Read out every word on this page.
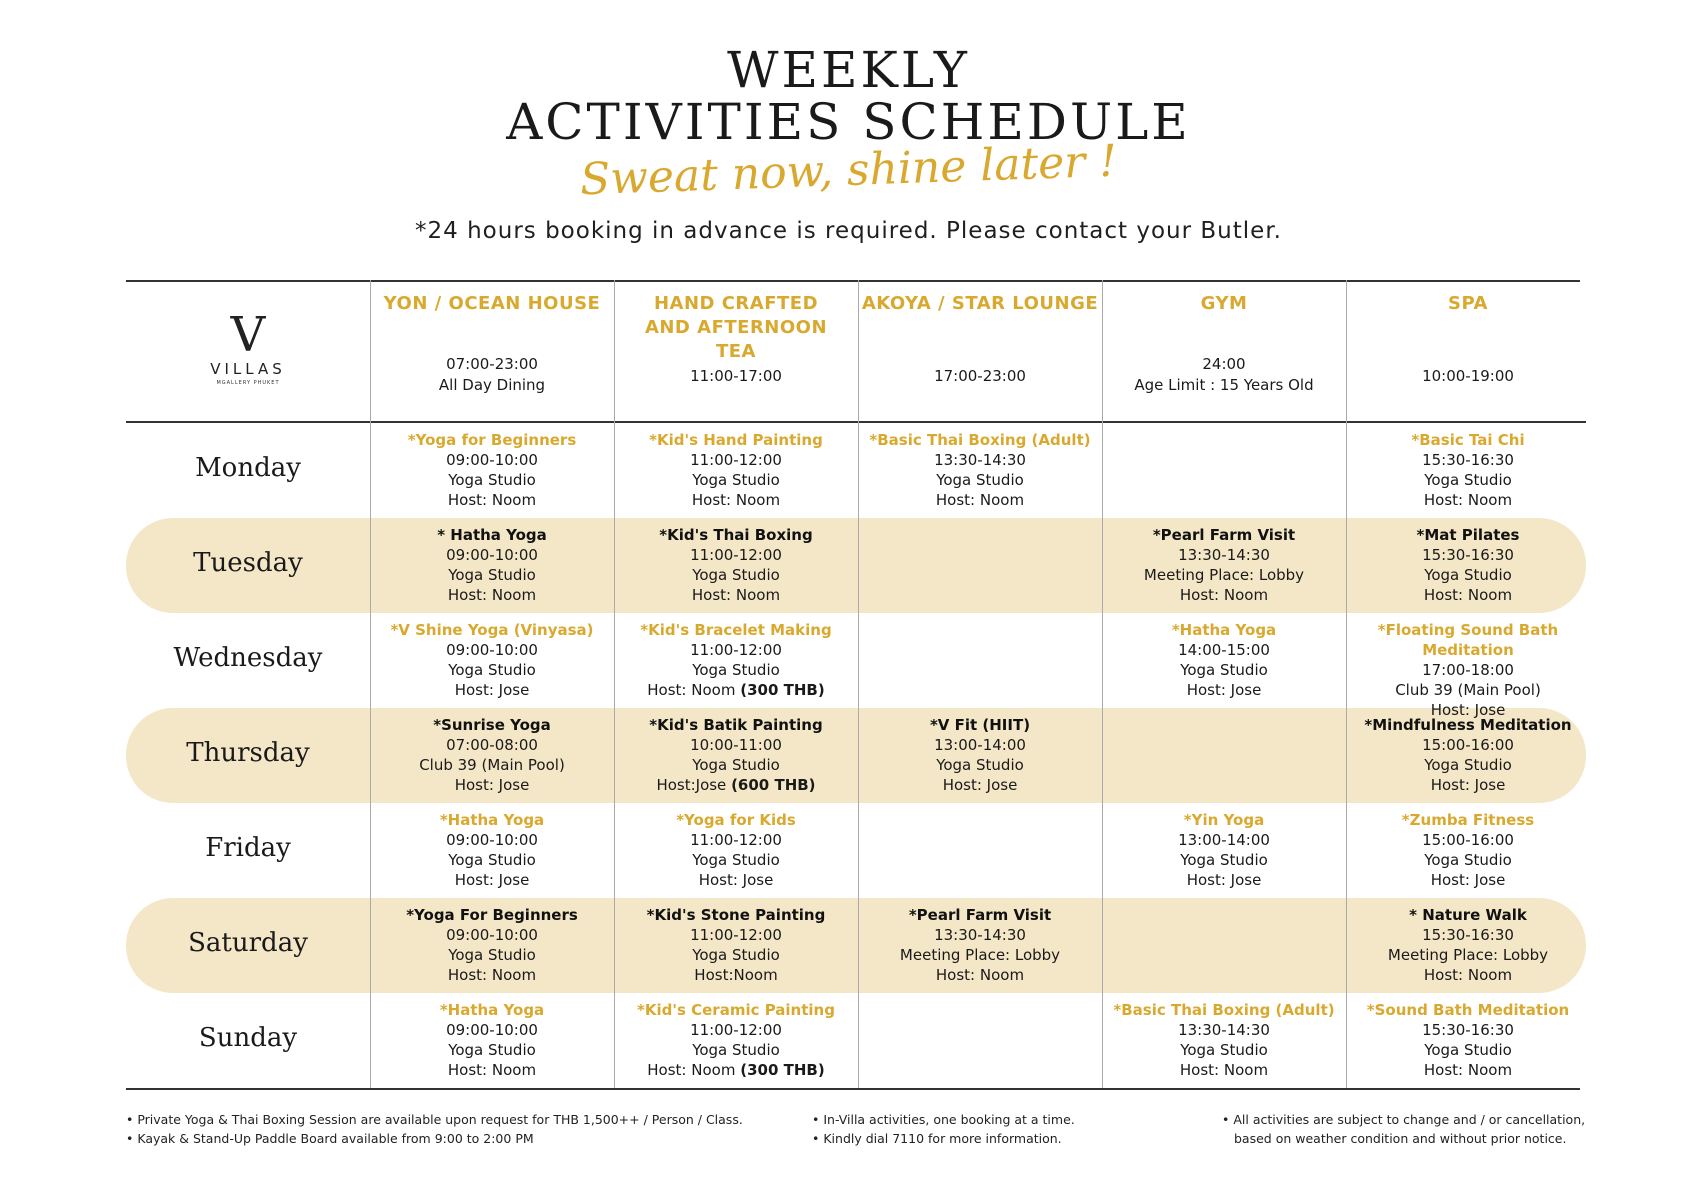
WEEKLY
ACTIVITIES SCHEDULE
Sweat now, shine later !
*24 hours booking in advance is required. Please contact your Butler.
V
VILLAS
MGALLERY PHUKET
YON / OCEAN HOUSE
07:00-23:00
All Day Dining
HAND CRAFTED AND AFTERNOON TEA
11:00-17:00
AKOYA / STAR LOUNGE
17:00-23:00
GYM
24:00
Age Limit : 15 Years Old
SPA
10:00-19:00
Monday
*Yoga for Beginners
09:00-10:00
Yoga Studio
Host: Noom
*Kid's Hand Painting
11:00-12:00
Yoga Studio
Host: Noom
*Basic Thai Boxing (Adult)
13:30-14:30
Yoga Studio
Host: Noom
*Basic Tai Chi
15:30-16:30
Yoga Studio
Host: Noom
Tuesday
* Hatha Yoga
09:00-10:00
Yoga Studio
Host: Noom
*Kid's Thai Boxing
11:00-12:00
Yoga Studio
Host: Noom
*Pearl Farm Visit
13:30-14:30
Meeting Place: Lobby
Host: Noom
*Mat Pilates
15:30-16:30
Yoga Studio
Host: Noom
Wednesday
*V Shine Yoga (Vinyasa)
09:00-10:00
Yoga Studio
Host: Jose
*Kid's Bracelet Making
11:00-12:00
Yoga Studio
Host: Noom (300 THB)
*Hatha Yoga
14:00-15:00
Yoga Studio
Host: Jose
*Floating Sound Bath Meditation
17:00-18:00
Club 39 (Main Pool)
Host: Jose
Thursday
*Sunrise Yoga
07:00-08:00
Club 39 (Main Pool)
Host: Jose
*Kid's Batik Painting
10:00-11:00
Yoga Studio
Host:Jose (600 THB)
*V Fit (HIIT)
13:00-14:00
Yoga Studio
Host: Jose
*Mindfulness Meditation
15:00-16:00
Yoga Studio
Host: Jose
Friday
*Hatha Yoga
09:00-10:00
Yoga Studio
Host: Jose
*Yoga for Kids
11:00-12:00
Yoga Studio
Host: Jose
*Yin Yoga
13:00-14:00
Yoga Studio
Host: Jose
*Zumba Fitness
15:00-16:00
Yoga Studio
Host: Jose
Saturday
*Yoga For Beginners
09:00-10:00
Yoga Studio
Host: Noom
*Kid's Stone Painting
11:00-12:00
Yoga Studio
Host:Noom
*Pearl Farm Visit
13:30-14:30
Meeting Place: Lobby
Host: Noom
* Nature Walk
15:30-16:30
Meeting Place: Lobby
Host: Noom
Sunday
*Hatha Yoga
09:00-10:00
Yoga Studio
Host: Noom
*Kid's Ceramic Painting
11:00-12:00
Yoga Studio
Host: Noom (300 THB)
*Basic Thai Boxing (Adult)
13:30-14:30
Yoga Studio
Host: Noom
*Sound Bath Meditation
15:30-16:30
Yoga Studio
Host: Noom
• Private Yoga & Thai Boxing Session are available upon request for THB 1,500++ / Person / Class.
• Kayak & Stand-Up Paddle Board available from 9:00 to 2:00 PM
• In-Villa activities, one booking at a time.
• Kindly dial 7110 for more information.
• All activities are subject to change and / or cancellation,
based on weather condition and without prior notice.
